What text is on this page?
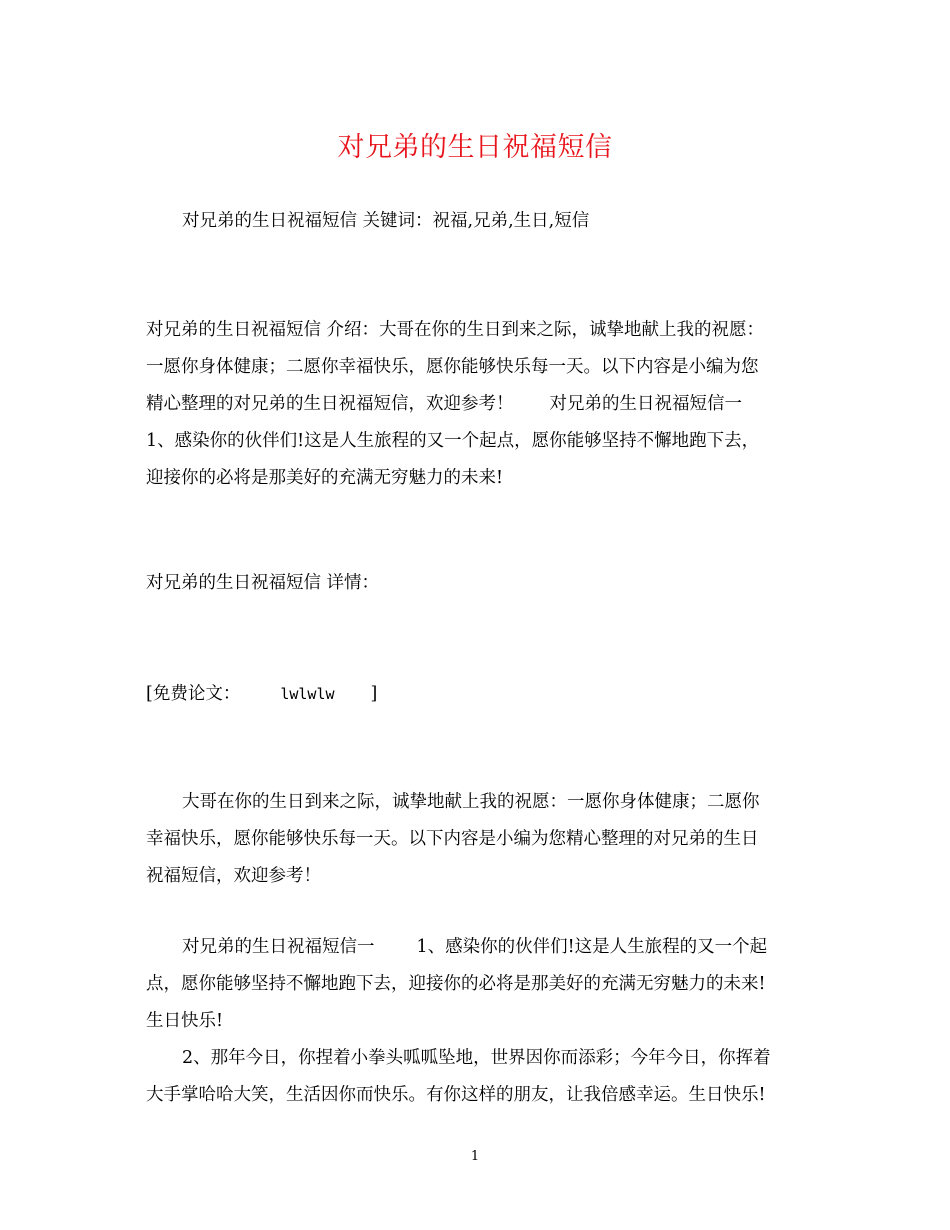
对兄弟的生日祝福短信
对兄弟的生日祝福短信 关键词：祝福,兄弟,生日,短信
对兄弟的生日祝福短信 介绍：大哥在你的生日到来之际，诚挚地献上我的祝愿：
一愿你身体健康；二愿你幸福快乐，愿你能够快乐每一天。以下内容是小编为您
精心整理的对兄弟的生日祝福短信，欢迎参考！ 对兄弟的生日祝福短信一
1、感染你的伙伴们!这是人生旅程的又一个起点，愿你能够坚持不懈地跑下去，
迎接你的必将是那美好的充满无穷魅力的未来!
对兄弟的生日祝福短信 详情：
[免费论文：	lwlwlw ]
大哥在你的生日到来之际，诚挚地献上我的祝愿：一愿你身体健康；二愿你
幸福快乐，愿你能够快乐每一天。以下内容是小编为您精心整理的对兄弟的生日
祝福短信，欢迎参考！
对兄弟的生日祝福短信一 1、感染你的伙伴们!这是人生旅程的又一个起
点，愿你能够坚持不懈地跑下去，迎接你的必将是那美好的充满无穷魅力的未来!
生日快乐!
2、那年今日，你捏着小拳头呱呱坠地，世界因你而添彩；今年今日，你挥着
大手掌哈哈大笑，生活因你而快乐。有你这样的朋友，让我倍感幸运。生日快乐!
1
